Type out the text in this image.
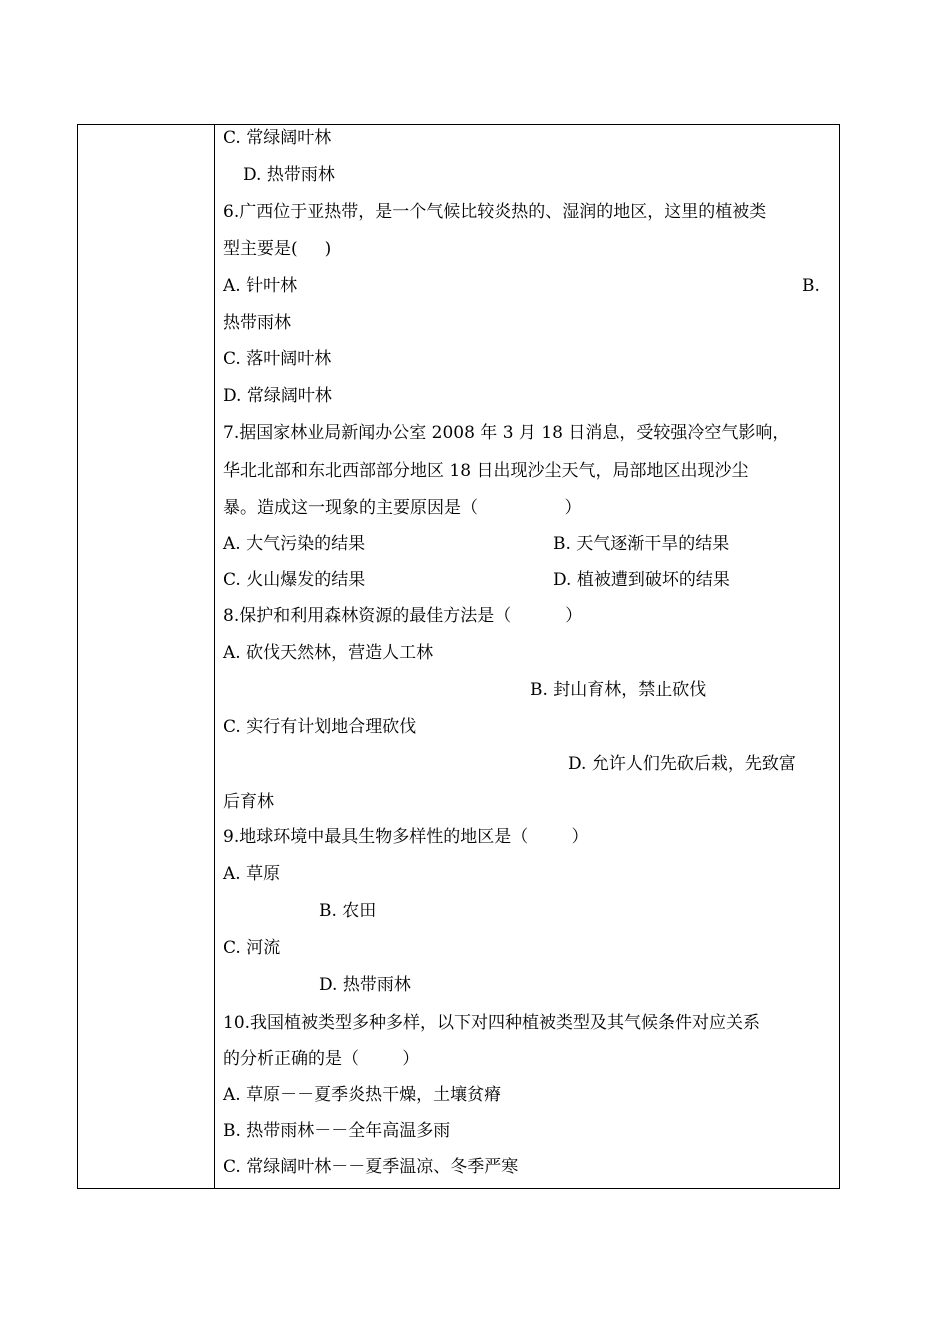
C. 常绿阔叶林
D. 热带雨林
6.广西位于亚热带，是一个气候比较炎热的、湿润的地区，这里的植被类
型主要是(     )
A. 针叶林	B.
热带雨林
C. 落叶阔叶林
D. 常绿阔叶林
7.据国家林业局新闻办公室 2008 年 3 月 18 日消息，受较强冷空气影响，
华北北部和东北西部部分地区 18 日出现沙尘天气，局部地区出现沙尘
暴。造成这一现象的主要原因是（                ）
A. 大气污染的结果	B. 天气逐渐干旱的结果
C. 火山爆发的结果	D. 植被遭到破坏的结果
8.保护和利用森林资源的最佳方法是（          ）
A. 砍伐天然林，营造人工林
B. 封山育林，禁止砍伐
C. 实行有计划地合理砍伐
D. 允许人们先砍后栽，先致富
后育林
9.地球环境中最具生物多样性的地区是（        ）
A. 草原
B. 农田
C. 河流
D. 热带雨林
10.我国植被类型多种多样，以下对四种植被类型及其气候条件对应关系
的分析正确的是（        ）
A. 草原－－夏季炎热干燥，土壤贫瘠
B. 热带雨林－－全年高温多雨
C. 常绿阔叶林－－夏季温凉、冬季严寒
